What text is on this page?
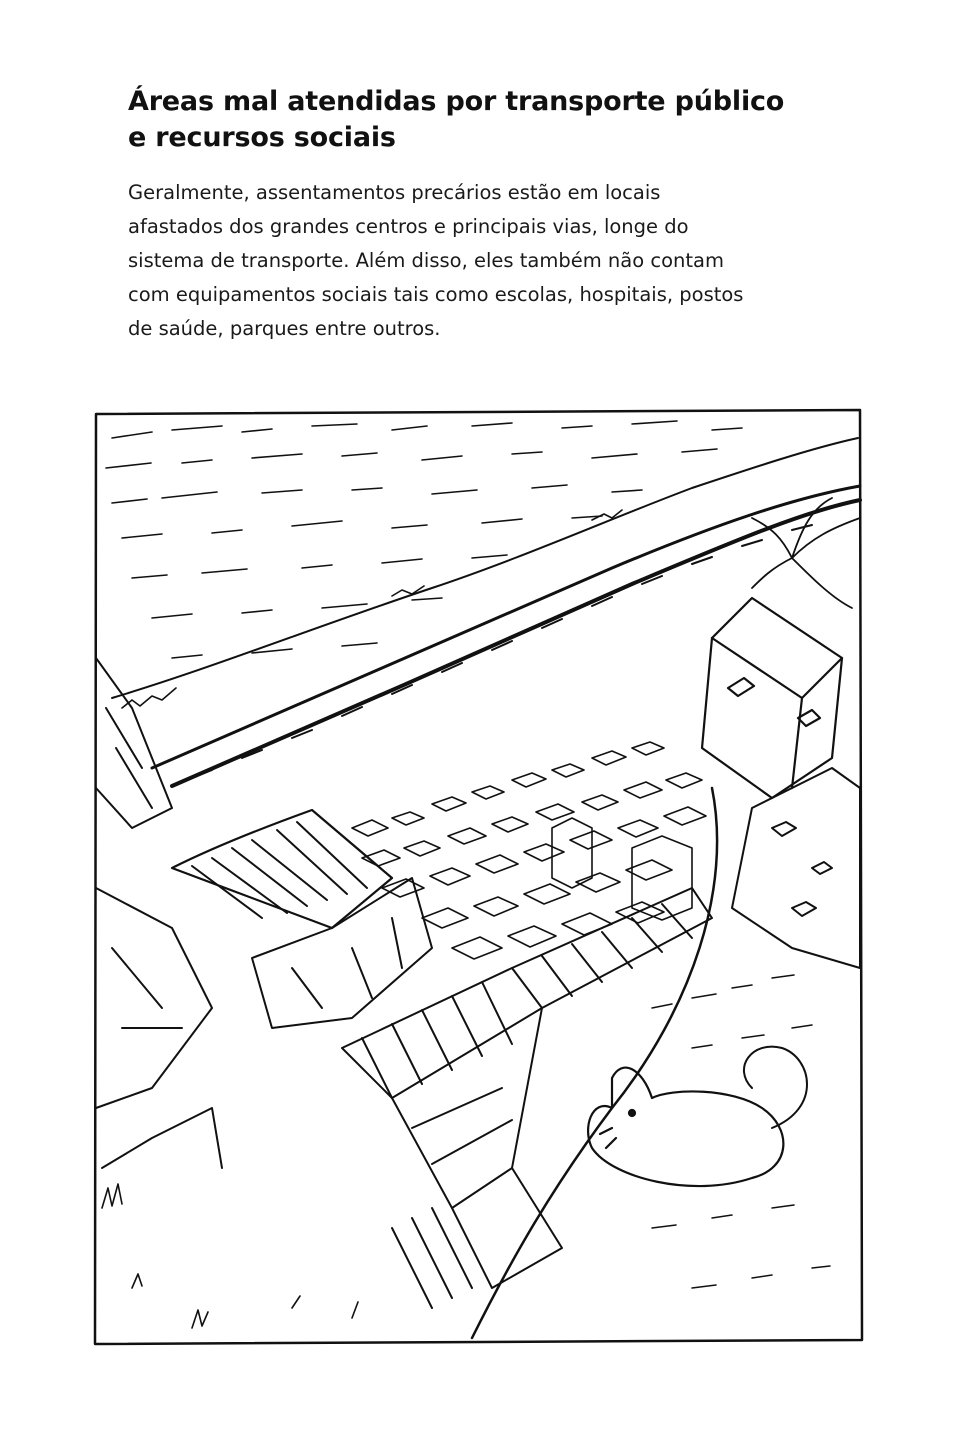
Áreas mal atendidas por transporte público
e recursos sociais

Geralmente, assentamentos precários estão em locais
afastados dos grandes centros e principais vias, longe do
sistema de transporte. Além disso, eles também não contam
com equipamentos sociais tais como escolas, hospitais, postos
de saúde, parques entre outros.
